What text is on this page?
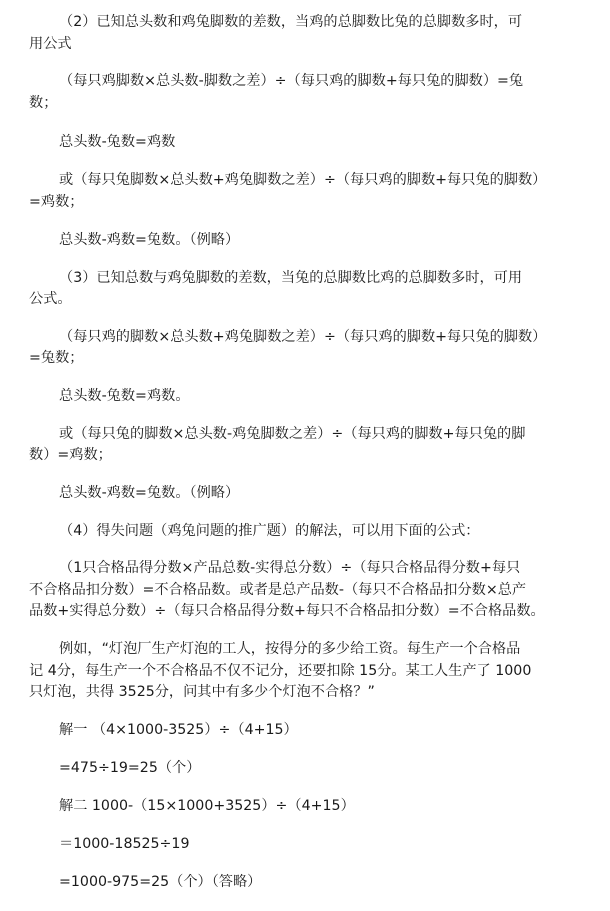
（2）已知总头数和鸡兔脚数的差数，当鸡的总脚数比兔的总脚数多时，可

用公式

（每只鸡脚数×总头数-脚数之差）÷（每只鸡的脚数+每只兔的脚数）=兔

数；

总头数-兔数=鸡数

或（每只兔脚数×总头数+鸡兔脚数之差）÷（每只鸡的脚数+每只兔的脚数）

=鸡数；

总头数-鸡数=兔数。（例略）

（3）已知总数与鸡兔脚数的差数，当兔的总脚数比鸡的总脚数多时，可用

公式。

（每只鸡的脚数×总头数+鸡兔脚数之差）÷（每只鸡的脚数+每只兔的脚数）

=兔数；

总头数-兔数=鸡数。

或（每只兔的脚数×总头数-鸡兔脚数之差）÷（每只鸡的脚数+每只兔的脚

数）=鸡数；

总头数-鸡数=兔数。（例略）

（4）得失问题（鸡兔问题的推广题）的解法，可以用下面的公式：

（1只合格品得分数×产品总数-实得总分数）÷（每只合格品得分数+每只

不合格品扣分数）=不合格品数。或者是总产品数-（每只不合格品扣分数×总产

品数+实得总分数）÷（每只合格品得分数+每只不合格品扣分数）=不合格品数。

例如，“灯泡厂生产灯泡的工人，按得分的多少给工资。每生产一个合格品

记 4分，每生产一个不合格品不仅不记分，还要扣除 15分。某工人生产了 1000

只灯泡，共得 3525分，问其中有多少个灯泡不合格？”

解一 （4×1000-3525）÷（4+15）

=475÷19=25（个）

解二 1000-（15×1000+3525）÷（4+15）

＝1000-18525÷19

=1000-975=25（个）（答略）
